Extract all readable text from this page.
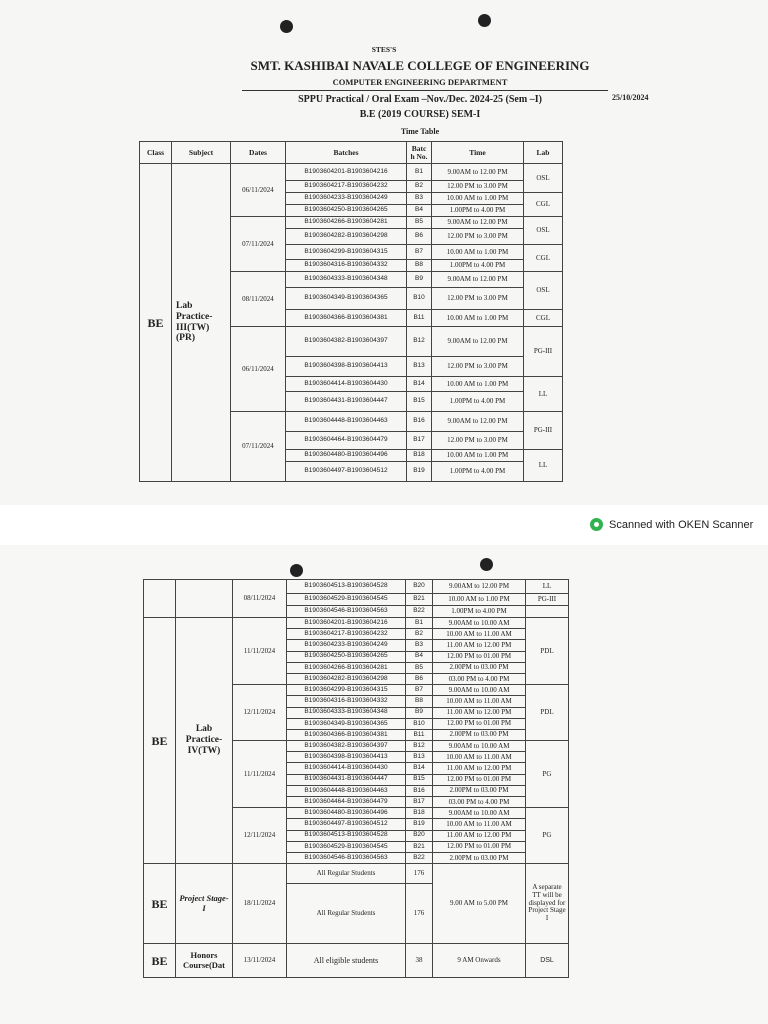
STES'S
SMT. KASHIBAI NAVALE COLLEGE OF ENGINEERING
COMPUTER ENGINEERING DEPARTMENT
SPPU Practical / Oral Exam –Nov./Dec. 2024-25 (Sem –I)
B.E (2019 COURSE) SEM-I
25/10/2024
Time Table
Class	Subject	Dates	Batches	Batc h No.	Time	Lab
BE	Lab Practice-III(TW) (PR)	06/11/2024	B1903604201-B1903604216	B1	9.00AM to 12.00 PM	OSL
			B1903604217-B1903604232	B2	12.00 PM to 3.00 PM	
			B1903604233-B1903604249	B3	10.00 AM to 1.00 PM	CGL
			B1903604250-B1903604265	B4	1.00PM to 4.00 PM	
		07/11/2024	B1903604266-B1903604281	B5	9.00AM to 12.00 PM	OSL
			B1903604282-B1903604298	B6	12.00 PM to 3.00 PM	
			B1903604299-B1903604315	B7	10.00 AM to 1.00 PM	CGL
			B1903604316-B1903604332	B8	1.00PM to 4.00 PM	
		08/11/2024	B1903604333-B1903604348	B9	9.00AM to 12.00 PM	OSL
			B1903604349-B1903604365	B10	12.00 PM to 3.00 PM	
			B1903604366-B1903604381	B11	10.00 AM to 1.00 PM	CGL
		06/11/2024	B1903604382-B1903604397	B12	9.00AM to 12.00 PM	PG-III
			B1903604398-B1903604413	B13	12.00 PM to 3.00 PM	
			B1903604414-B1903604430	B14	10.00 AM to 1.00 PM	LL
			B1903604431-B1903604447	B15	1.00PM to 4.00 PM	
		07/11/2024	B1903604448-B1903604463	B16	9.00AM to 12.00 PM	PG-III
			B1903604464-B1903604479	B17	12.00 PM to 3.00 PM	
			B1903604480-B1903604496	B18	10.00 AM to 1.00 PM	LL
			B1903604497-B1903604512	B19	1.00PM to 4.00 PM	
Scanned with OKEN Scanner
		08/11/2024	B1903604513-B1903604528	B20	9.00AM to 12.00 PM	LL
			B1903604529-B1903604545	B21	10.00 AM to 1.00 PM	PG-III
			B1903604546-B1903604563	B22	1.00PM to 4.00 PM	
BE	Lab Practice-IV(TW)	11/11/2024	B1903604201-B1903604216	B1	9.00AM to 10.00 AM	PDL
			B1903604217-B1903604232	B2	10.00 AM to 11.00 AM	
			B1903604233-B1903604249	B3	11.00 AM to 12.00 PM	
			B1903604250-B1903604265	B4	12.00 PM to 01.00 PM	
			B1903604266-B1903604281	B5	2.00PM to 03.00 PM	
			B1903604282-B1903604298	B6	03.00 PM to 4.00 PM	
		12/11/2024	B1903604299-B1903604315	B7	9.00AM to 10.00 AM	PDL
			B1903604316-B1903604332	B8	10.00 AM to 11.00 AM	
			B1903604333-B1903604348	B9	11.00 AM to 12.00 PM	
			B1903604349-B1903604365	B10	12.00 PM to 01.00 PM	
			B1903604366-B1903604381	B11	2.00PM to 03.00 PM	
		11/11/2024	B1903604382-B1903604397	B12	9.00AM to 10.00 AM	PG
			B1903604398-B1903604413	B13	10.00 AM to 11.00 AM	
			B1903604414-B1903604430	B14	11.00 AM to 12.00 PM	
			B1903604431-B1903604447	B15	12.00 PM to 01.00 PM	
			B1903604448-B1903604463	B16	2.00PM to 03.00 PM	
			B1903604464-B1903604479	B17	03.00 PM to 4.00 PM	
		12/11/2024	B1903604480-B1903604496	B18	9.00AM to 10.00 AM	PG
			B1903604497-B1903604512	B19	10.00 AM to 11.00 AM	
			B1903604513-B1903604528	B20	11.00 AM to 12.00 PM	
			B1903604529-B1903604545	B21	12.00 PM to 01.00 PM	
			B1903604546-B1903604563	B22	2.00PM to 03.00 PM	
BE	Project Stage-I	18/11/2024	All Regular Students	176	9.00 AM to 5.00 PM	A separate TT will be displayed for Project Stage I
			All Regular Students	176		
BE	Honors Course(Dat	13/11/2024	All eligible students	38	9 AM Onwards	DSL
